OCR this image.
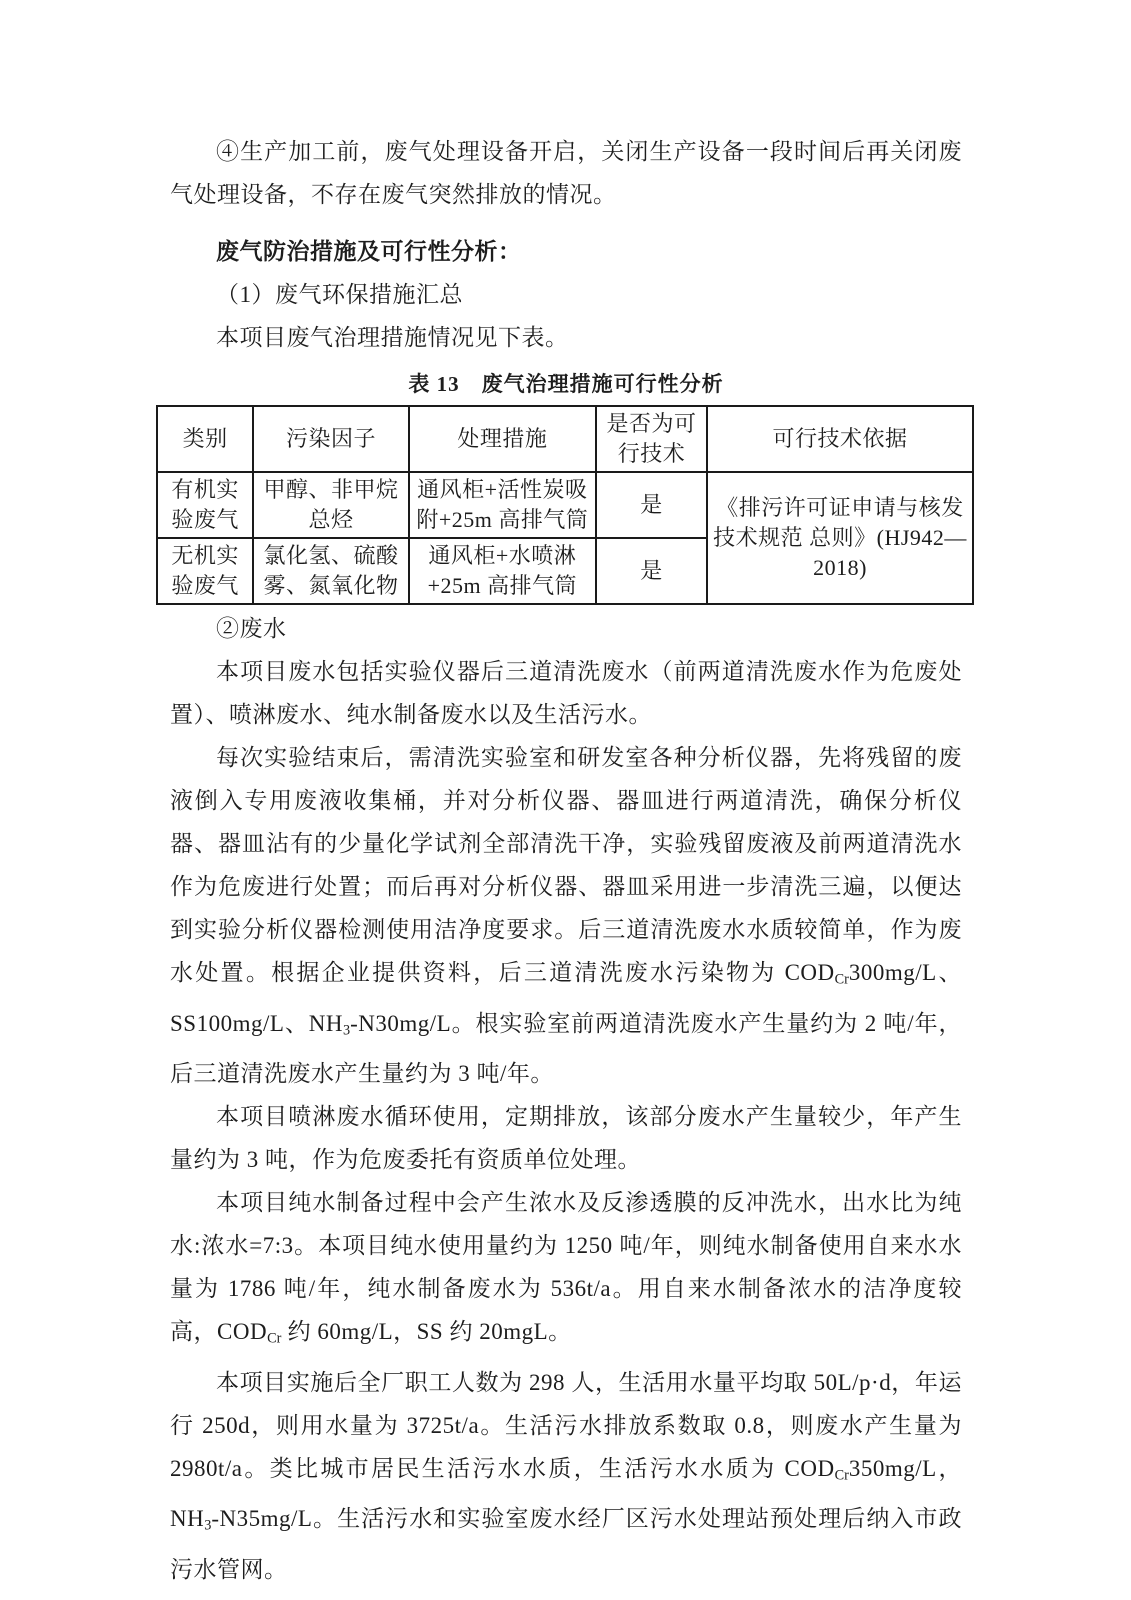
④生产加工前，废气处理设备开启，关闭生产设备一段时间后再关闭废气处理设备，不存在废气突然排放的情况。

废气防治措施及可行性分析：

（1）废气环保措施汇总

本项目废气治理措施情况见下表。

表 13　废气治理措施可行性分析
类别	污染因子	处理措施	是否为可行技术	可行技术依据
有机实验废气	甲醇、非甲烷总烃	通风柜+活性炭吸附+25m 高排气筒	是	《排污许可证申请与核发技术规范 总则》(HJ942—2018)
无机实验废气	氯化氢、硫酸雾、氮氧化物	通风柜+水喷淋+25m 高排气筒	是	

②废水

本项目废水包括实验仪器后三道清洗废水（前两道清洗废水作为危废处置）、喷淋废水、纯水制备废水以及生活污水。

每次实验结束后，需清洗实验室和研发室各种分析仪器，先将残留的废液倒入专用废液收集桶，并对分析仪器、器皿进行两道清洗，确保分析仪器、器皿沾有的少量化学试剂全部清洗干净，实验残留废液及前两道清洗水作为危废进行处置；而后再对分析仪器、器皿采用进一步清洗三遍，以便达到实验分析仪器检测使用洁净度要求。后三道清洗废水水质较简单，作为废水处置。根据企业提供资料，后三道清洗废水污染物为 $COD_{Cr}300mg/L$、SS100mg/L、$NH_3-N30mg/L$。根实验室前两道清洗废水产生量约为 2 吨/年，后三道清洗废水产生量约为 3 吨/年。

本项目喷淋废水循环使用，定期排放，该部分废水产生量较少，年产生量约为 3 吨，作为危废委托有资质单位处理。

本项目纯水制备过程中会产生浓水及反渗透膜的反冲洗水，出水比为纯水:浓水=7:3。本项目纯水使用量约为 1250 吨/年，则纯水制备使用自来水水量为 1786 吨/年，纯水制备废水为 536t/a。用自来水制备浓水的洁净度较高，$COD_{Cr}$ 约 60mg/L，SS 约 20mgL。

本项目实施后全厂职工人数为 298 人，生活用水量平均取 50L/p·d，年运行 250d，则用水量为 3725t/a。生活污水排放系数取 0.8，则废水产生量为 2980t/a。类比城市居民生活污水水质，生活污水水质为 $COD_{Cr}350mg/L$，$NH_3-N35mg/L$。生活污水和实验室废水经厂区污水处理站预处理后纳入市政污水管网。
